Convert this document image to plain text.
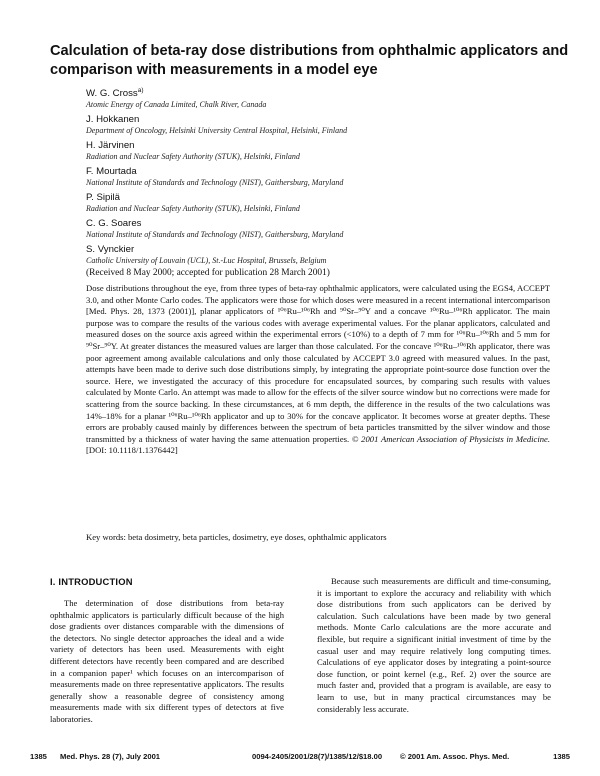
Calculation of beta-ray dose distributions from ophthalmic applicators and comparison with measurements in a model eye
W. G. Cross$^{a)}$
Atomic Energy of Canada Limited, Chalk River, Canada
J. Hokkanen
Department of Oncology, Helsinki University Central Hospital, Helsinki, Finland
H. Järvinen
Radiation and Nuclear Safety Authority (STUK), Helsinki, Finland
F. Mourtada
National Institute of Standards and Technology (NIST), Gaithersburg, Maryland
P. Sipilä
Radiation and Nuclear Safety Authority (STUK), Helsinki, Finland
C. G. Soares
National Institute of Standards and Technology (NIST), Gaithersburg, Maryland
S. Vynckier
Catholic University of Louvain (UCL), St.-Luc Hospital, Brussels, Belgium
(Received 8 May 2000; accepted for publication 28 March 2001)
Dose distributions throughout the eye, from three types of beta-ray ophthalmic applicators, were calculated using the EGS4, ACCEPT 3.0, and other Monte Carlo codes. The applicators were those for which doses were measured in a recent international intercomparison [Med. Phys. 28, 1373 (2001)], planar applicators of ¹⁰⁶Ru–¹⁰⁶Rh and ⁹⁰Sr–⁹⁰Y and a concave ¹⁰⁶Ru–¹⁰⁶Rh applicator. The main purpose was to compare the results of the various codes with average experimental values. For the planar applicators, calculated and measured doses on the source axis agreed within the experimental errors (<10%) to a depth of 7 mm for ¹⁰⁶Ru–¹⁰⁶Rh and 5 mm for ⁹⁰Sr–⁹⁰Y. At greater distances the measured values are larger than those calculated. For the concave ¹⁰⁶Ru–¹⁰⁶Rh applicator, there was poor agreement among available calculations and only those calculated by ACCEPT 3.0 agreed with measured values. In the past, attempts have been made to derive such dose distributions simply, by integrating the appropriate point-source dose function over the source. Here, we investigated the accuracy of this procedure for encapsulated sources, by comparing such results with values calculated by Monte Carlo. An attempt was made to allow for the effects of the silver source window but no corrections were made for scattering from the source backing. In these circumstances, at 6 mm depth, the difference in the results of the two calculations was 14%–18% for a planar ¹⁰⁶Ru–¹⁰⁶Rh applicator and up to 30% for the concave applicator. It becomes worse at greater depths. These errors are probably caused mainly by differences between the spectrum of beta particles transmitted by the silver window and those transmitted by a thickness of water having the same attenuation properties. © 2001 American Association of Physicists in Medicine. [DOI: 10.1118/1.1376442]
Key words: beta dosimetry, beta particles, dosimetry, eye doses, ophthalmic applicators
I. INTRODUCTION

The determination of dose distributions from beta-ray ophthalmic applicators is particularly difficult because of the high dose gradients over distances comparable with the dimensions of the detectors. No single detector approaches the ideal and a wide variety of detectors has been used. Measurements with eight different detectors have recently been compared and are described in a companion paper¹ which focuses on an intercomparison of measurements made on three representative applicators. The results generally show a reasonable degree of consistency among measurements made with six different types of detectors at five laboratories.

Because such measurements are difficult and time-consuming, it is important to explore the accuracy and reliability with which dose distributions from such applicators can be derived by calculation. Such calculations have been made by two general methods. Monte Carlo calculations are the more accurate and flexible, but require a significant initial investment of time by the casual user and may require relatively long computing times. Calculations of eye applicator doses by integrating a point-source dose function, or point kernel (e.g., Ref. 2) over the source are much faster and, provided that a program is available, are easy to learn to use, but in many practical circumstances may be considerably less accurate.

1385 Med. Phys. 28 (7), July 2001	0094-2405/2001/28(7)/1385/12/$18.00 © 2001 Am. Assoc. Phys. Med.	1385
